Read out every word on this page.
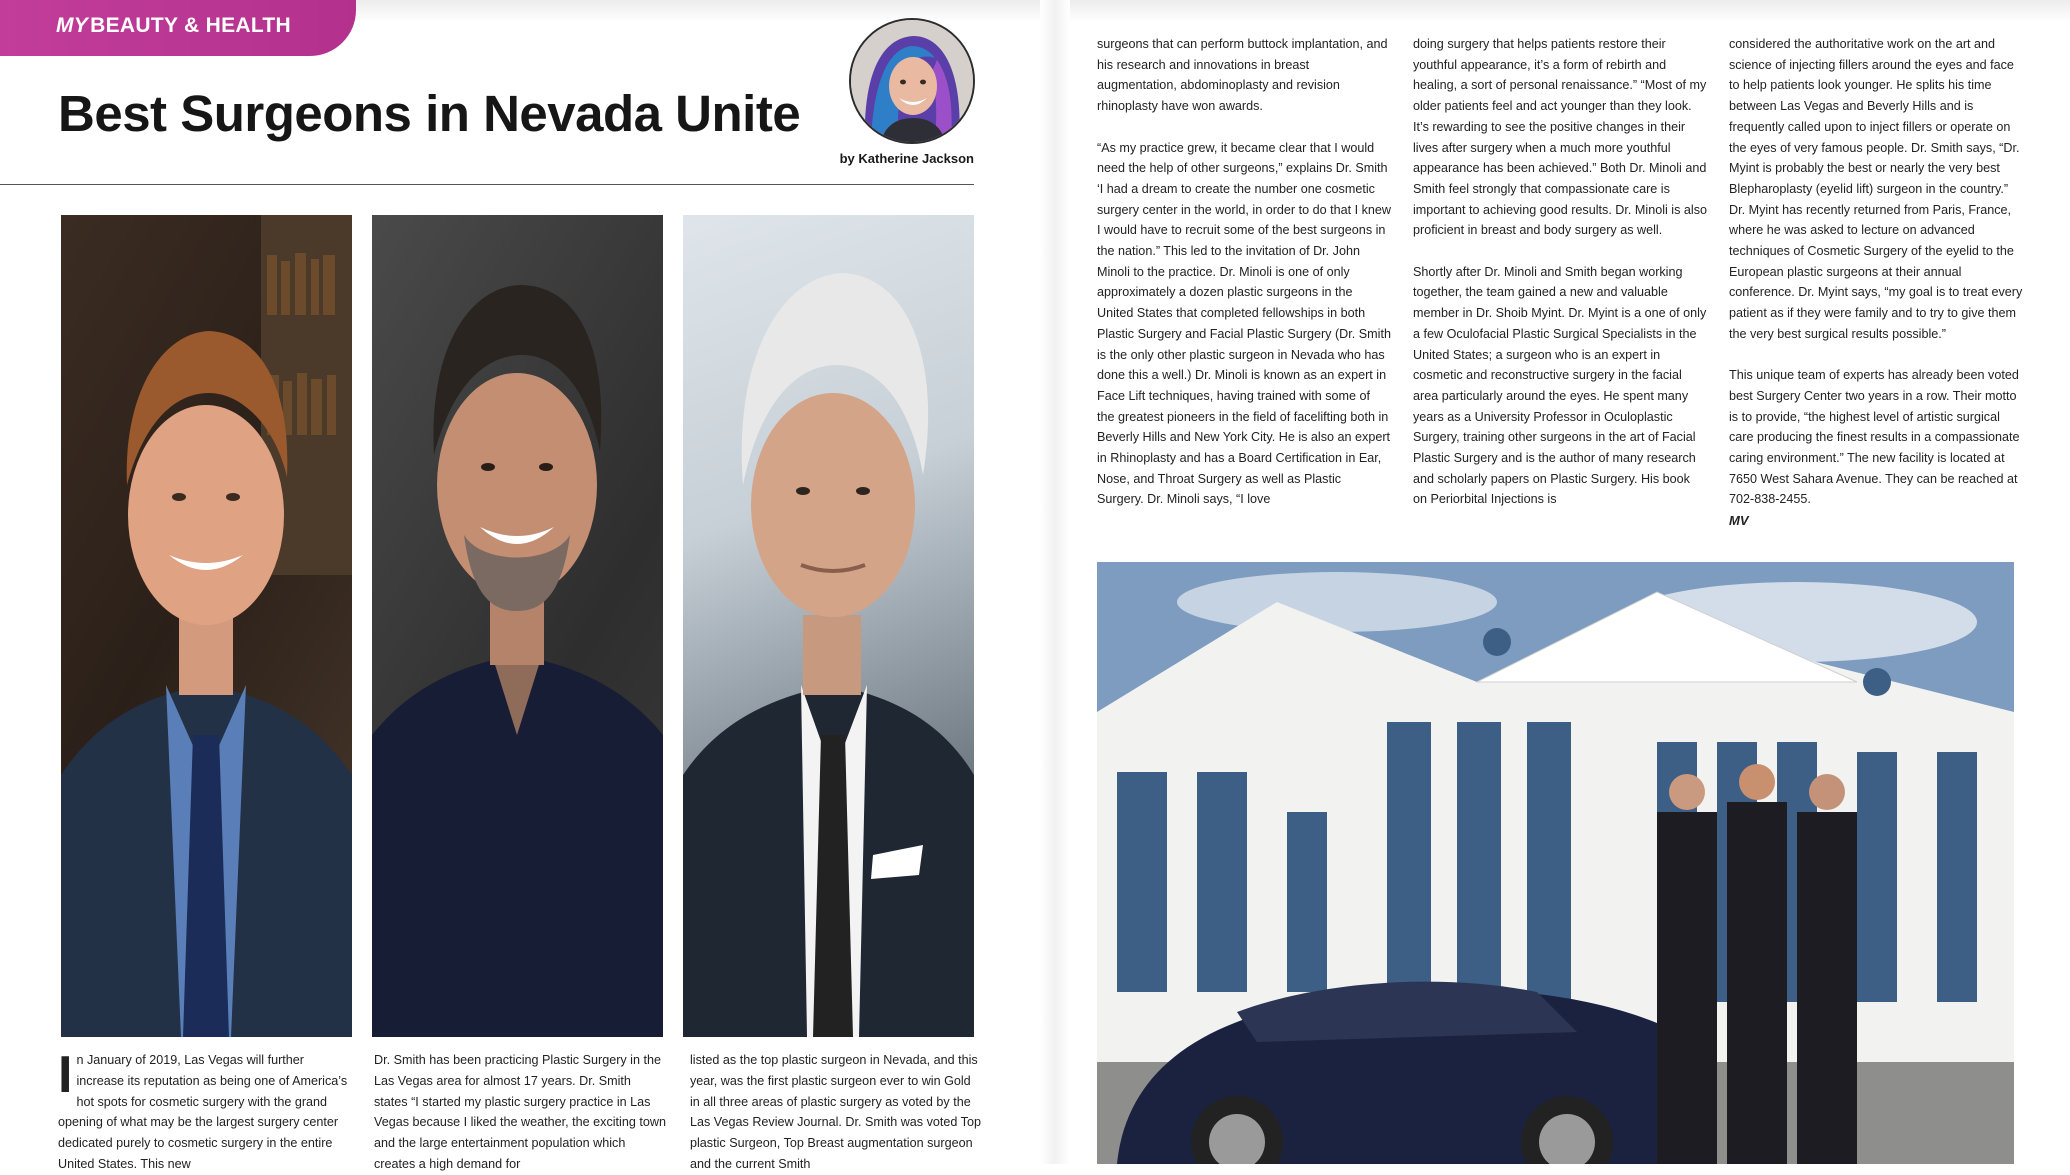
MYBEAUTY & HEALTH
Best Surgeons in Nevada Unite
by Katherine Jackson
In January of 2019, Las Vegas will further increase its reputation as being one of America’s hot spots for cosmetic surgery with the grand opening of what may be the largest surgery center dedicated purely to cosmetic surgery in the entire United States. This new
Dr. Smith has been practicing Plastic Surgery in the Las Vegas area for almost 17 years. Dr. Smith states “I started my plastic surgery practice in Las Vegas because I liked the weather, the exciting town and the large entertainment population which creates a high demand for
listed as the top plastic surgeon in Nevada, and this year, was the first plastic surgeon ever to win Gold in all three areas of plastic surgery as voted by the Las Vegas Review Journal. Dr. Smith was voted Top plastic Surgeon, Top Breast augmentation surgeon and the current Smith

surgeons that can perform buttock implantation, and his research and innovations in breast augmentation, abdominoplasty and revision rhinoplasty have won awards.

“As my practice grew, it became clear that I would need the help of other surgeons,” explains Dr. Smith ‘I had a dream to create the number one cosmetic surgery center in the world, in order to do that I knew I would have to recruit some of the best surgeons in the nation.” This led to the invitation of Dr. John Minoli to the practice. Dr. Minoli is one of only approximately a dozen plastic surgeons in the United States that completed fellowships in both Plastic Surgery and Facial Plastic Surgery (Dr. Smith is the only other plastic surgeon in Nevada who has done this a well.) Dr. Minoli is known as an expert in Face Lift techniques, having trained with some of the greatest pioneers in the field of facelifting both in Beverly Hills and New York City. He is also an expert in Rhinoplasty and has a Board Certification in Ear, Nose, and Throat Surgery as well as Plastic Surgery. Dr. Minoli says, “I love

doing surgery that helps patients restore their youthful appearance, it’s a form of rebirth and healing, a sort of personal renaissance.” “Most of my older patients feel and act younger than they look. It’s rewarding to see the positive changes in their lives after surgery when a much more youthful appearance has been achieved.” Both Dr. Minoli and Smith feel strongly that compassionate care is important to achieving good results. Dr. Minoli is also proficient in breast and body surgery as well.

Shortly after Dr. Minoli and Smith began working together, the team gained a new and valuable member in Dr. Shoib Myint. Dr. Myint is a one of only a few Oculofacial Plastic Surgical Specialists in the United States; a surgeon who is an expert in cosmetic and reconstructive surgery in the facial area particularly around the eyes. He spent many years as a University Professor in Oculoplastic Surgery, training other surgeons in the art of Facial Plastic Surgery and is the author of many research and scholarly papers on Plastic Surgery. His book on Periorbital Injections is

considered the authoritative work on the art and science of injecting fillers around the eyes and face to help patients look younger. He splits his time between Las Vegas and Beverly Hills and is frequently called upon to inject fillers or operate on the eyes of very famous people. Dr. Smith says, “Dr. Myint is probably the best or nearly the very best Blepharoplasty (eyelid lift) surgeon in the country.” Dr. Myint has recently returned from Paris, France, where he was asked to lecture on advanced techniques of Cosmetic Surgery of the eyelid to the European plastic surgeons at their annual conference. Dr. Myint says, “my goal is to treat every patient as if they were family and to try to give them the very best surgical results possible.”

This unique team of experts has already been voted best Surgery Center two years in a row. Their motto is to provide, “the highest level of artistic surgical care producing the finest results in a compassionate caring environment.” The new facility is located at 7650 West Sahara Avenue. They can be reached at 702-838-2455.

MV
